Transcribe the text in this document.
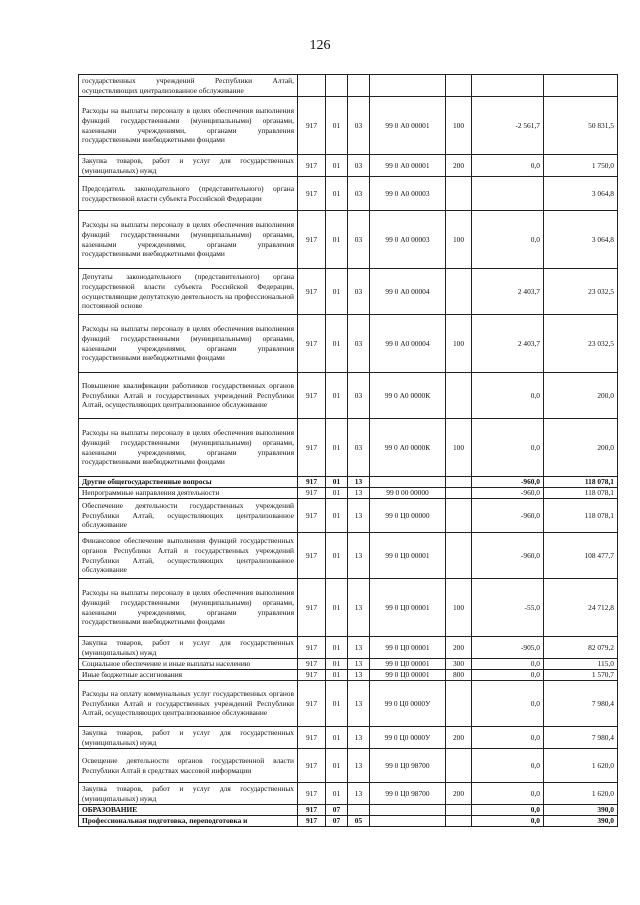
126
государственных учреждений Республики Алтай, осуществляющих централизованное обслуживание							
Расходы на выплаты персоналу в целях обеспечения выполнения функций государственными (муниципальными) органами, казенными учреждениями, органами управления государственными внебюджетными фондами	917	01	03	99 0 А0 00001	100	-2 561,7	50 831,5
Закупка товаров, работ и услуг для государственных (муниципальных) нужд	917	01	03	99 0 А0 00001	200	0,0	1 750,0
Председатель законодательного (представительного) органа государственной власти субъекта Российской Федерации	917	01	03	99 0 А0 00003			3 064,8
Расходы на выплаты персоналу в целях обеспечения выполнения функций государственными (муниципальными) органами, казенными учреждениями, органами управления государственными внебюджетными фондами	917	01	03	99 0 А0 00003	100	0,0	3 064,8
Депутаты законодательного (представительного) органа государственной власти субъекта Российской Федерации, осуществляющие депутатскую деятельность на профессиональной постоянной основе	917	01	03	99 0 А0 00004		2 403,7	23 032,5
Расходы на выплаты персоналу в целях обеспечения выполнения функций государственными (муниципальными) органами, казенными учреждениями, органами управления государственными внебюджетными фондами	917	01	03	99 0 А0 00004	100	2 403,7	23 032,5
Повышение квалификации работников государственных органов Республики Алтай и государственных учреждений Республики Алтай, осуществляющих централизованное обслуживание	917	01	03	99 0 А0 0000К		0,0	200,0
Расходы на выплаты персоналу в целях обеспечения выполнения функций государственными (муниципальными) органами, казенными учреждениями, органами управления государственными внебюджетными фондами	917	01	03	99 0 А0 0000К	100	0,0	200,0
Другие общегосударственные вопросы	917	01	13			-960,0	118 078,1
Непрограммные направления деятельности	917	01	13	99 0 00 00000		-960,0	118 078,1
Обеспечение деятельности государственных учреждений Республики Алтай, осуществляющих централизованное обслуживание	917	01	13	99 0 Ц0 00000		-960,0	118 078,1
Финансовое обеспечение выполнения функций государственных органов Республики Алтай и государственных учреждений Республики Алтай, осуществляющих централизованное обслуживание	917	01	13	99 0 Ц0 00001		-960,0	108 477,7
Расходы на выплаты персоналу в целях обеспечения выполнения функций государственными (муниципальными) органами, казенными учреждениями, органами управления государственными внебюджетными фондами	917	01	13	99 0 Ц0 00001	100	-55,0	24 712,8
Закупка товаров, работ и услуг для государственных (муниципальных) нужд	917	01	13	99 0 Ц0 00001	200	-905,0	82 079,2
Социальное обеспечение и иные выплаты населению	917	01	13	99 0 Ц0 00001	300	0,0	115,0
Иные бюджетные ассигнования	917	01	13	99 0 Ц0 00001	800	0,0	1 570,7
Расходы на оплату коммунальных услуг государственных органов Республики Алтай и государственных учреждений Республики Алтай, осуществляющих централизованное обслуживание	917	01	13	99 0 Ц0 0000У		0,0	7 980,4
Закупка товаров, работ и услуг для государственных (муниципальных) нужд	917	01	13	99 0 Ц0 0000У	200	0,0	7 980,4
Освещение деятельности органов государственной власти Республики Алтай в средствах массовой информации	917	01	13	99 0 Ц0 98700		0,0	1 620,0
Закупка товаров, работ и услуг для государственных (муниципальных) нужд	917	01	13	99 0 Ц0 98700	200	0,0	1 620,0
ОБРАЗОВАНИЕ	917	07				0,0	390,0
Профессиональная подготовка, переподготовка и	917	07	05			0,0	390,0
